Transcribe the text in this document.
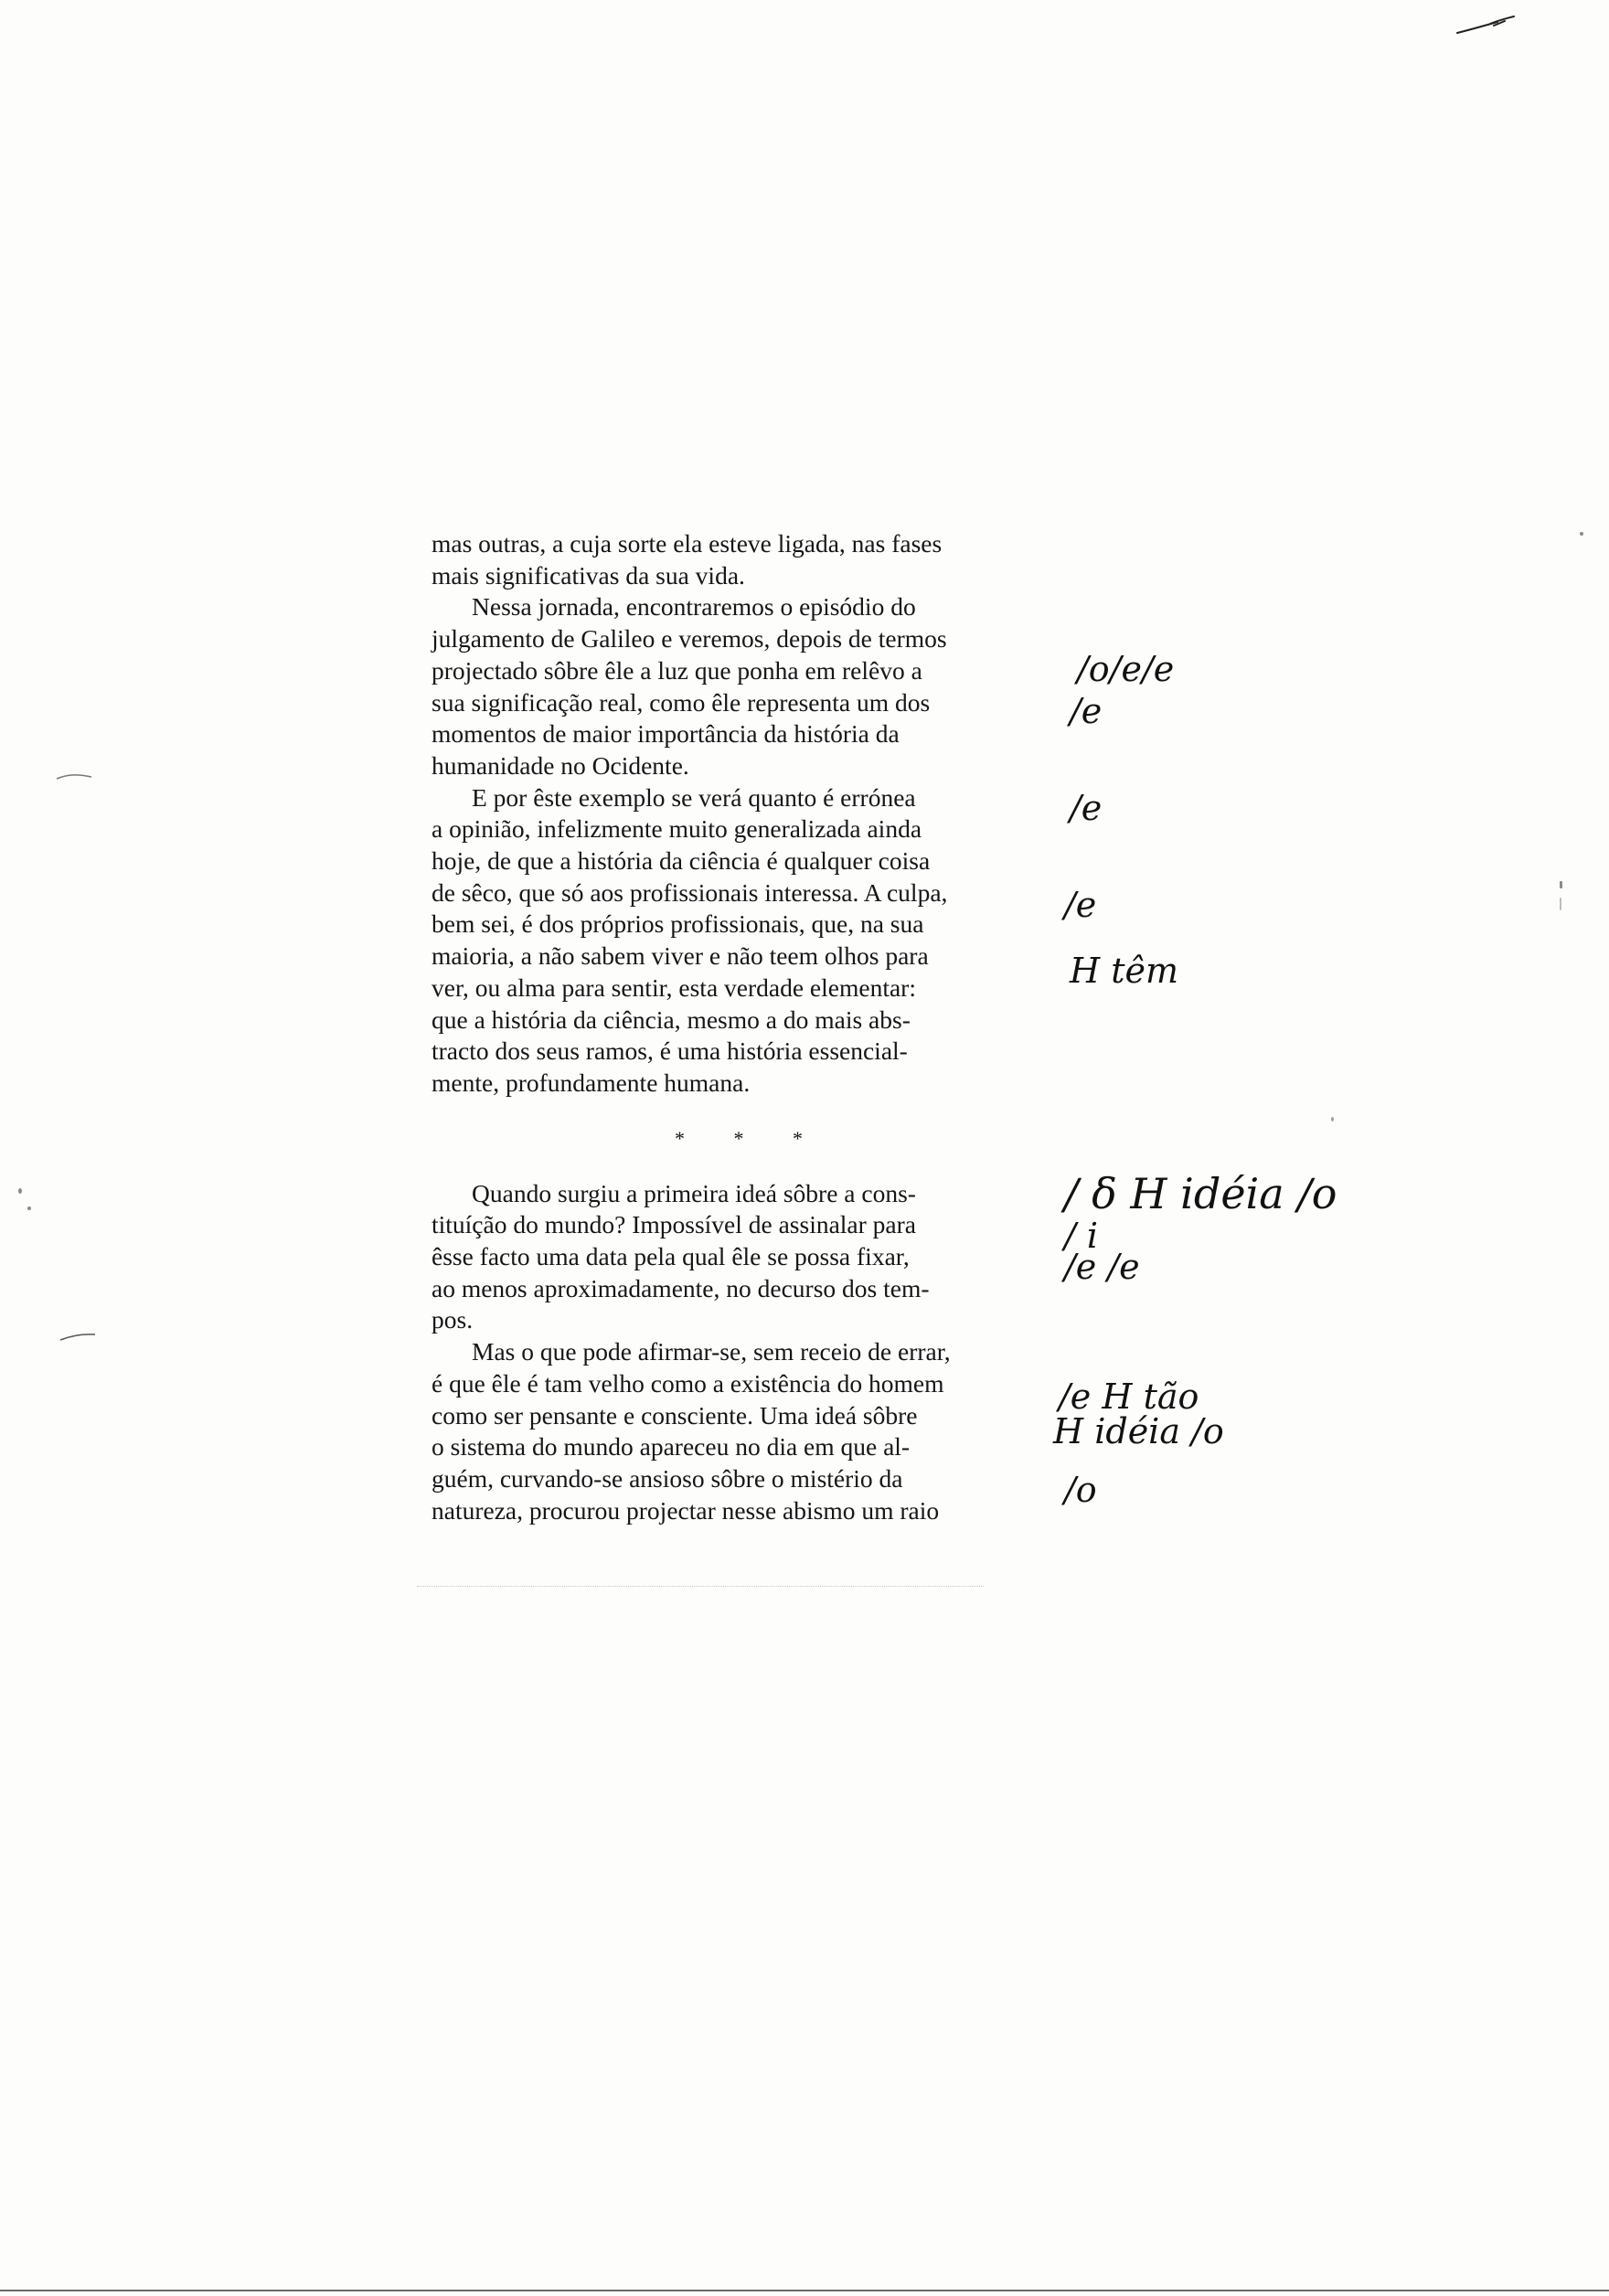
mas outras, a cuja sorte ela esteve ligada, nas fases
mais significativas da sua vida.

Nessa jornada, encontraremos o episódio do
julgamento de Galileo e veremos, depois de termos
projectado sôbre êle a luz que ponha em relêvo a
sua significação real, como êle representa um dos
momentos de maior importância da história da
humanidade no Ocidente.

E por êste exemplo se verá quanto é errónea
a opinião, infelizmente muito generalizada ainda
hoje, de que a história da ciência é qualquer coisa
de sêco, que só aos profissionais interessa. A culpa,
bem sei, é dos próprios profissionais, que, na sua
maioria, a não sabem viver e não teem olhos para
ver, ou alma para sentir, esta verdade elementar:
que a história da ciência, mesmo a do mais abs-
tracto dos seus ramos, é uma história essencial-
mente, profundamente humana.

* * *

Quando surgiu a primeira ideá sôbre a cons-
tituíção do mundo? Impossível de assinalar para
êsse facto uma data pela qual êle se possa fixar,
ao menos aproximadamente, no decurso dos tem-
pos.

Mas o que pode afirmar-se, sem receio de errar,
é que êle é tam velho como a existência do homem
como ser pensante e consciente. Uma ideá sôbre
o sistema do mundo apareceu no dia em que al-
guém, curvando-se ansioso sôbre o mistério da
natureza, procurou projectar nesse abismo um raio

/o/e/e
/e
/e
/e
H têm
/ δ H idéia /o
/ i
/e /e
/e H tão
H idéia /o
/o
